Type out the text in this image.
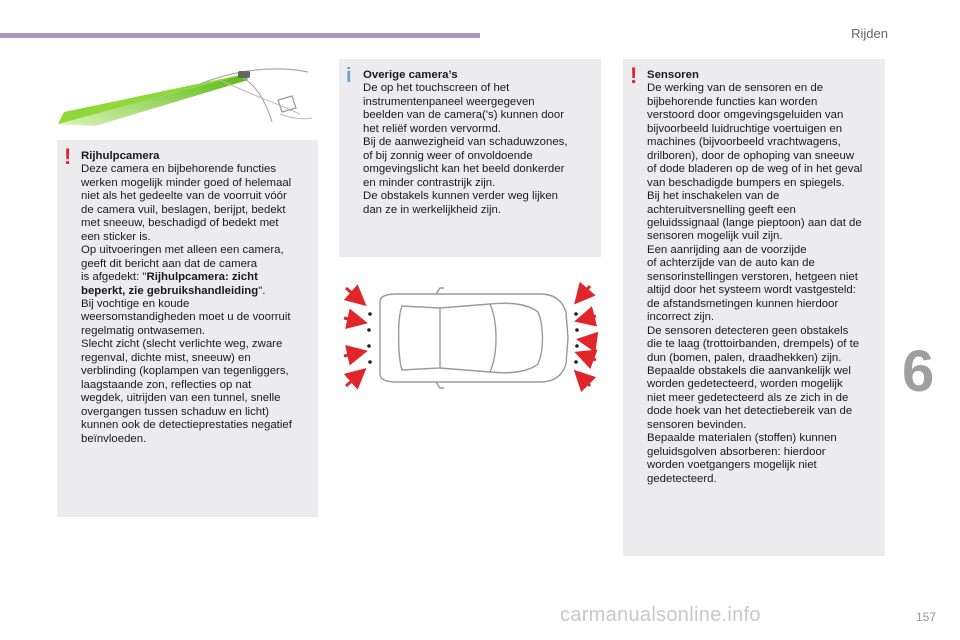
Rijden
! Rijhulpcamera

Deze camera en bijbehorende functies
werken mogelijk minder goed of helemaal
niet als het gedeelte van de voorruit vóór
de camera vuil, beslagen, berijpt, bedekt
met sneeuw, beschadigd of bedekt met
een sticker is.
Op uitvoeringen met alleen een camera,
geeft dit bericht aan dat de camera
is afgedekt: "Rijhulpcamera: zicht
beperkt, zie gebruikshandleiding".
Bij vochtige en koude
weersomstandigheden moet u de voorruit
regelmatig ontwasemen.
Slecht zicht (slecht verlichte weg, zware
regenval, dichte mist, sneeuw) en
verblinding (koplampen van tegenliggers,
laagstaande zon, reflecties op nat
wegdek, uitrijden van een tunnel, snelle
overgangen tussen schaduw en licht)
kunnen ook de detectieprestaties negatief
beïnvloeden.

i Overige camera’s

De op het touchscreen of het
instrumentenpaneel weergegeven
beelden van de camera('s) kunnen door
het reliëf worden vervormd.
Bij de aanwezigheid van schaduwzones,
of bij zonnig weer of onvoldoende
omgevingslicht kan het beeld donkerder
en minder contrastrijk zijn.
De obstakels kunnen verder weg lijken
dan ze in werkelijkheid zijn.

! Sensoren

De werking van de sensoren en de
bijbehorende functies kan worden
verstoord door omgevingsgeluiden van
bijvoorbeeld luidruchtige voertuigen en
machines (bijvoorbeeld vrachtwagens,
drilboren), door de ophoping van sneeuw
of dode bladeren op de weg of in het geval
van beschadigde bumpers en spiegels.
Bij het inschakelen van de
achteruitversnelling geeft een
geluidssignaal (lange pieptoon) aan dat de
sensoren mogelijk vuil zijn.
Een aanrijding aan de voorzijde
of achterzijde van de auto kan de
sensorinstellingen verstoren, hetgeen niet
altijd door het systeem wordt vastgesteld:
de afstandsmetingen kunnen hierdoor
incorrect zijn.
De sensoren detecteren geen obstakels
die te laag (trottoirbanden, drempels) of te
dun (bomen, palen, draadhekken) zijn.
Bepaalde obstakels die aanvankelijk wel
worden gedetecteerd, worden mogelijk
niet meer gedetecteerd als ze zich in de
dode hoek van het detectiebereik van de
sensoren bevinden.
Bepaalde materialen (stoffen) kunnen
geluidsgolven absorberen: hierdoor
worden voetgangers mogelijk niet
gedetecteerd.

6
carmanualsonline.info	157
